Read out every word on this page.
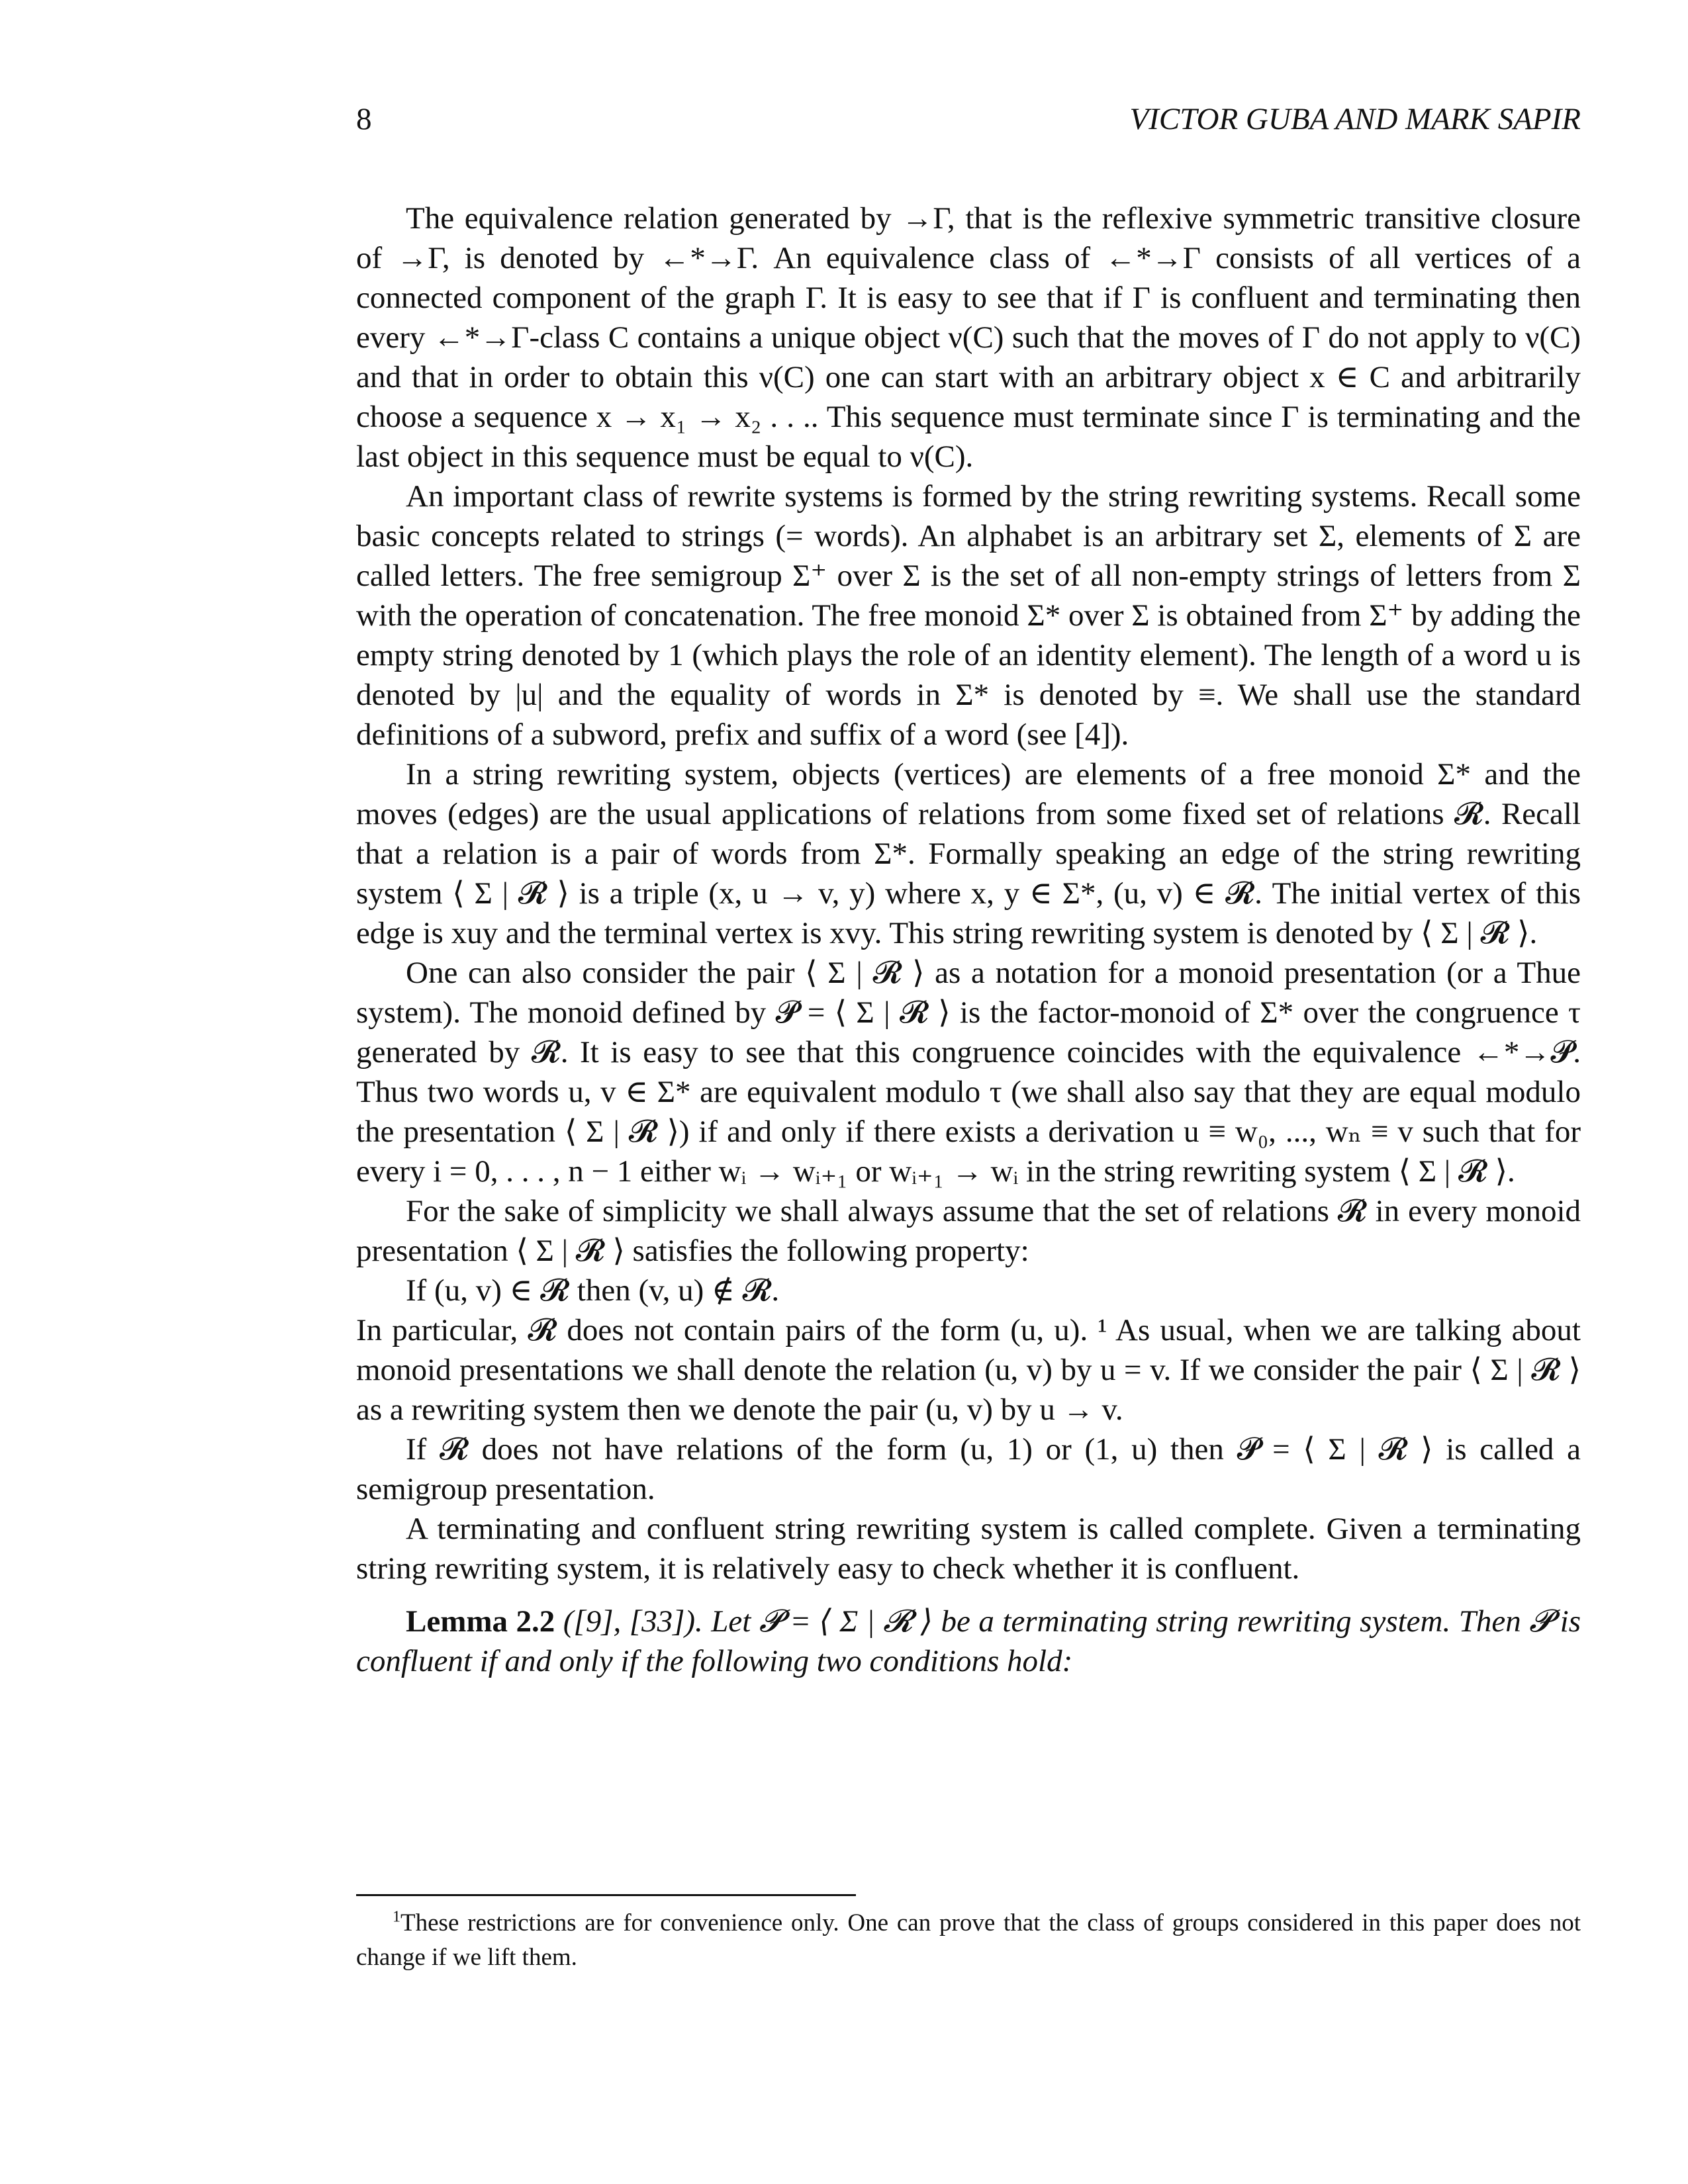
8	VICTOR GUBA AND MARK SAPIR

The equivalence relation generated by →Γ, that is the reflexive symmetric transitive closure of →Γ, is denoted by ←*→Γ. An equivalence class of ←*→Γ consists of all vertices of a connected component of the graph Γ. It is easy to see that if Γ is confluent and terminating then every ←*→Γ-class C contains a unique object ν(C) such that the moves of Γ do not apply to ν(C) and that in order to obtain this ν(C) one can start with an arbitrary object x ∈ C and arbitrarily choose a sequence x → x₁ → x₂ . . .. This sequence must terminate since Γ is terminating and the last object in this sequence must be equal to ν(C).

An important class of rewrite systems is formed by the string rewriting systems. Recall some basic concepts related to strings (= words). An alphabet is an arbitrary set Σ, elements of Σ are called letters. The free semigroup Σ⁺ over Σ is the set of all non-empty strings of letters from Σ with the operation of concatenation. The free monoid Σ* over Σ is obtained from Σ⁺ by adding the empty string denoted by 1 (which plays the role of an identity element). The length of a word u is denoted by |u| and the equality of words in Σ* is denoted by ≡. We shall use the standard definitions of a subword, prefix and suffix of a word (see [4]).

In a string rewriting system, objects (vertices) are elements of a free monoid Σ* and the moves (edges) are the usual applications of relations from some fixed set of relations 𝓡. Recall that a relation is a pair of words from Σ*. Formally speaking an edge of the string rewriting system ⟨ Σ | 𝓡 ⟩ is a triple (x, u → v, y) where x, y ∈ Σ*, (u, v) ∈ 𝓡. The initial vertex of this edge is xuy and the terminal vertex is xvy. This string rewriting system is denoted by ⟨ Σ | 𝓡 ⟩.

One can also consider the pair ⟨ Σ | 𝓡 ⟩ as a notation for a monoid presentation (or a Thue system). The monoid defined by 𝓟 = ⟨ Σ | 𝓡 ⟩ is the factor-monoid of Σ* over the congruence τ generated by 𝓡. It is easy to see that this congruence coincides with the equivalence ←*→𝓟. Thus two words u, v ∈ Σ* are equivalent modulo τ (we shall also say that they are equal modulo the presentation ⟨ Σ | 𝓡 ⟩) if and only if there exists a derivation u ≡ w₀, ..., wₙ ≡ v such that for every i = 0, . . . , n − 1 either wᵢ → wᵢ₊₁ or wᵢ₊₁ → wᵢ in the string rewriting system ⟨ Σ | 𝓡 ⟩.

For the sake of simplicity we shall always assume that the set of relations 𝓡 in every monoid presentation ⟨ Σ | 𝓡 ⟩ satisfies the following property:

If (u, v) ∈ 𝓡 then (v, u) ∉ 𝓡.

In particular, 𝓡 does not contain pairs of the form (u, u). ¹ As usual, when we are talking about monoid presentations we shall denote the relation (u, v) by u = v. If we consider the pair ⟨ Σ | 𝓡 ⟩ as a rewriting system then we denote the pair (u, v) by u → v.

If 𝓡 does not have relations of the form (u, 1) or (1, u) then 𝓟 = ⟨ Σ | 𝓡 ⟩ is called a semigroup presentation.

A terminating and confluent string rewriting system is called complete. Given a terminating string rewriting system, it is relatively easy to check whether it is confluent.

Lemma 2.2 ([9], [33]). Let 𝓟 = ⟨ Σ | 𝓡 ⟩ be a terminating string rewriting system. Then 𝓟 is confluent if and only if the following two conditions hold:

$^1$These restrictions are for convenience only. One can prove that the class of groups considered in this paper does not change if we lift them.
